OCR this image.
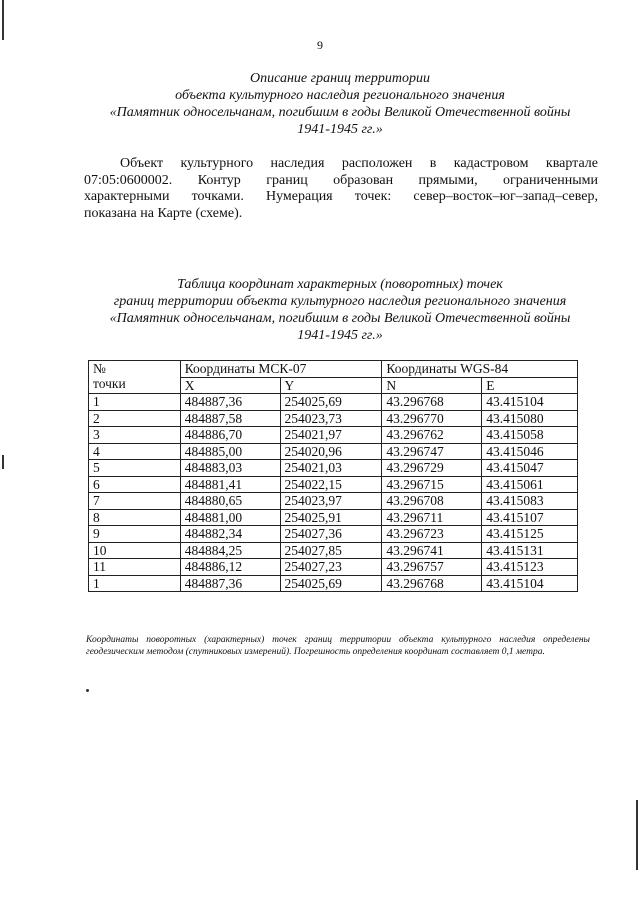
9
Описание границ территории
объекта культурного наследия регионального значения
«Памятник односельчанам, погибшим в годы Великой Отечественной войны
1941-1945 гг.»
Объект культурного наследия расположен в кадастровом квартале
07:05:0600002. Контур границ образован прямыми, ограниченными
характерными точками. Нумерация точек: север–восток–юг–запад–север,
показана на Карте (схеме).
Таблица координат характерных (поворотных) точек
границ территории объекта культурного наследия регионального значения
«Памятник односельчанам, погибшим в годы Великой Отечественной войны
1941-1945 гг.»
№
точки	Координаты МСК-07		Координаты WGS-84	
	X	Y	N	E
1	484887,36	254025,69	43.296768	43.415104
2	484887,58	254023,73	43.296770	43.415080
3	484886,70	254021,97	43.296762	43.415058
4	484885,00	254020,96	43.296747	43.415046
5	484883,03	254021,03	43.296729	43.415047
6	484881,41	254022,15	43.296715	43.415061
7	484880,65	254023,97	43.296708	43.415083
8	484881,00	254025,91	43.296711	43.415107
9	484882,34	254027,36	43.296723	43.415125
10	484884,25	254027,85	43.296741	43.415131
11	484886,12	254027,23	43.296757	43.415123
1	484887,36	254025,69	43.296768	43.415104
Координаты поворотных (характерных) точек границ территории объекта культурного наследия определены геодезическим методом (спутниковых измерений). Погрешность определения координат составляет 0,1 метра.
